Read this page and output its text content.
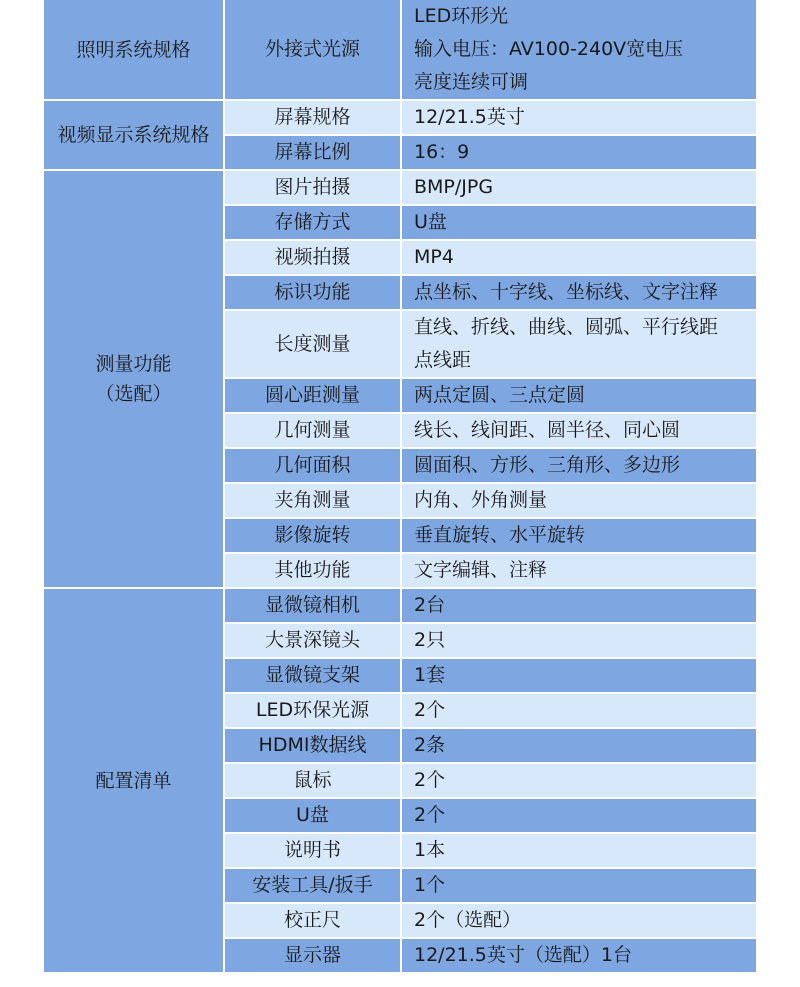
照明系统规格	外接式光源	LED环形光
输入电压：AV100-240V宽电压
亮度连续可调

视频显示系统规格	屏幕规格	12/21.5英寸

	屏幕比例	16：9

测量功能
（选配）	图片拍摄	BMP/JPG

	存储方式	U盘

	视频拍摄	MP4

	标识功能	点坐标、十字线、坐标线、文字注释

	长度测量	直线、折线、曲线、圆弧、平行线距
点线距

	圆心距测量	两点定圆、三点定圆

	几何测量	线长、线间距、圆半径、同心圆

	几何面积	圆面积、方形、三角形、多边形

	夹角测量	内角、外角测量

	影像旋转	垂直旋转、水平旋转

	其他功能	文字编辑、注释

配置清单	显微镜相机	2台

	大景深镜头	2只

	显微镜支架	1套

	LED环保光源	2个

	HDMI数据线	2条

	鼠标	2个

	U盘	2个

	说明书	1本

	安装工具/扳手	1个

	校正尺	2个（选配）

	显示器	12/21.5英寸（选配）1台
